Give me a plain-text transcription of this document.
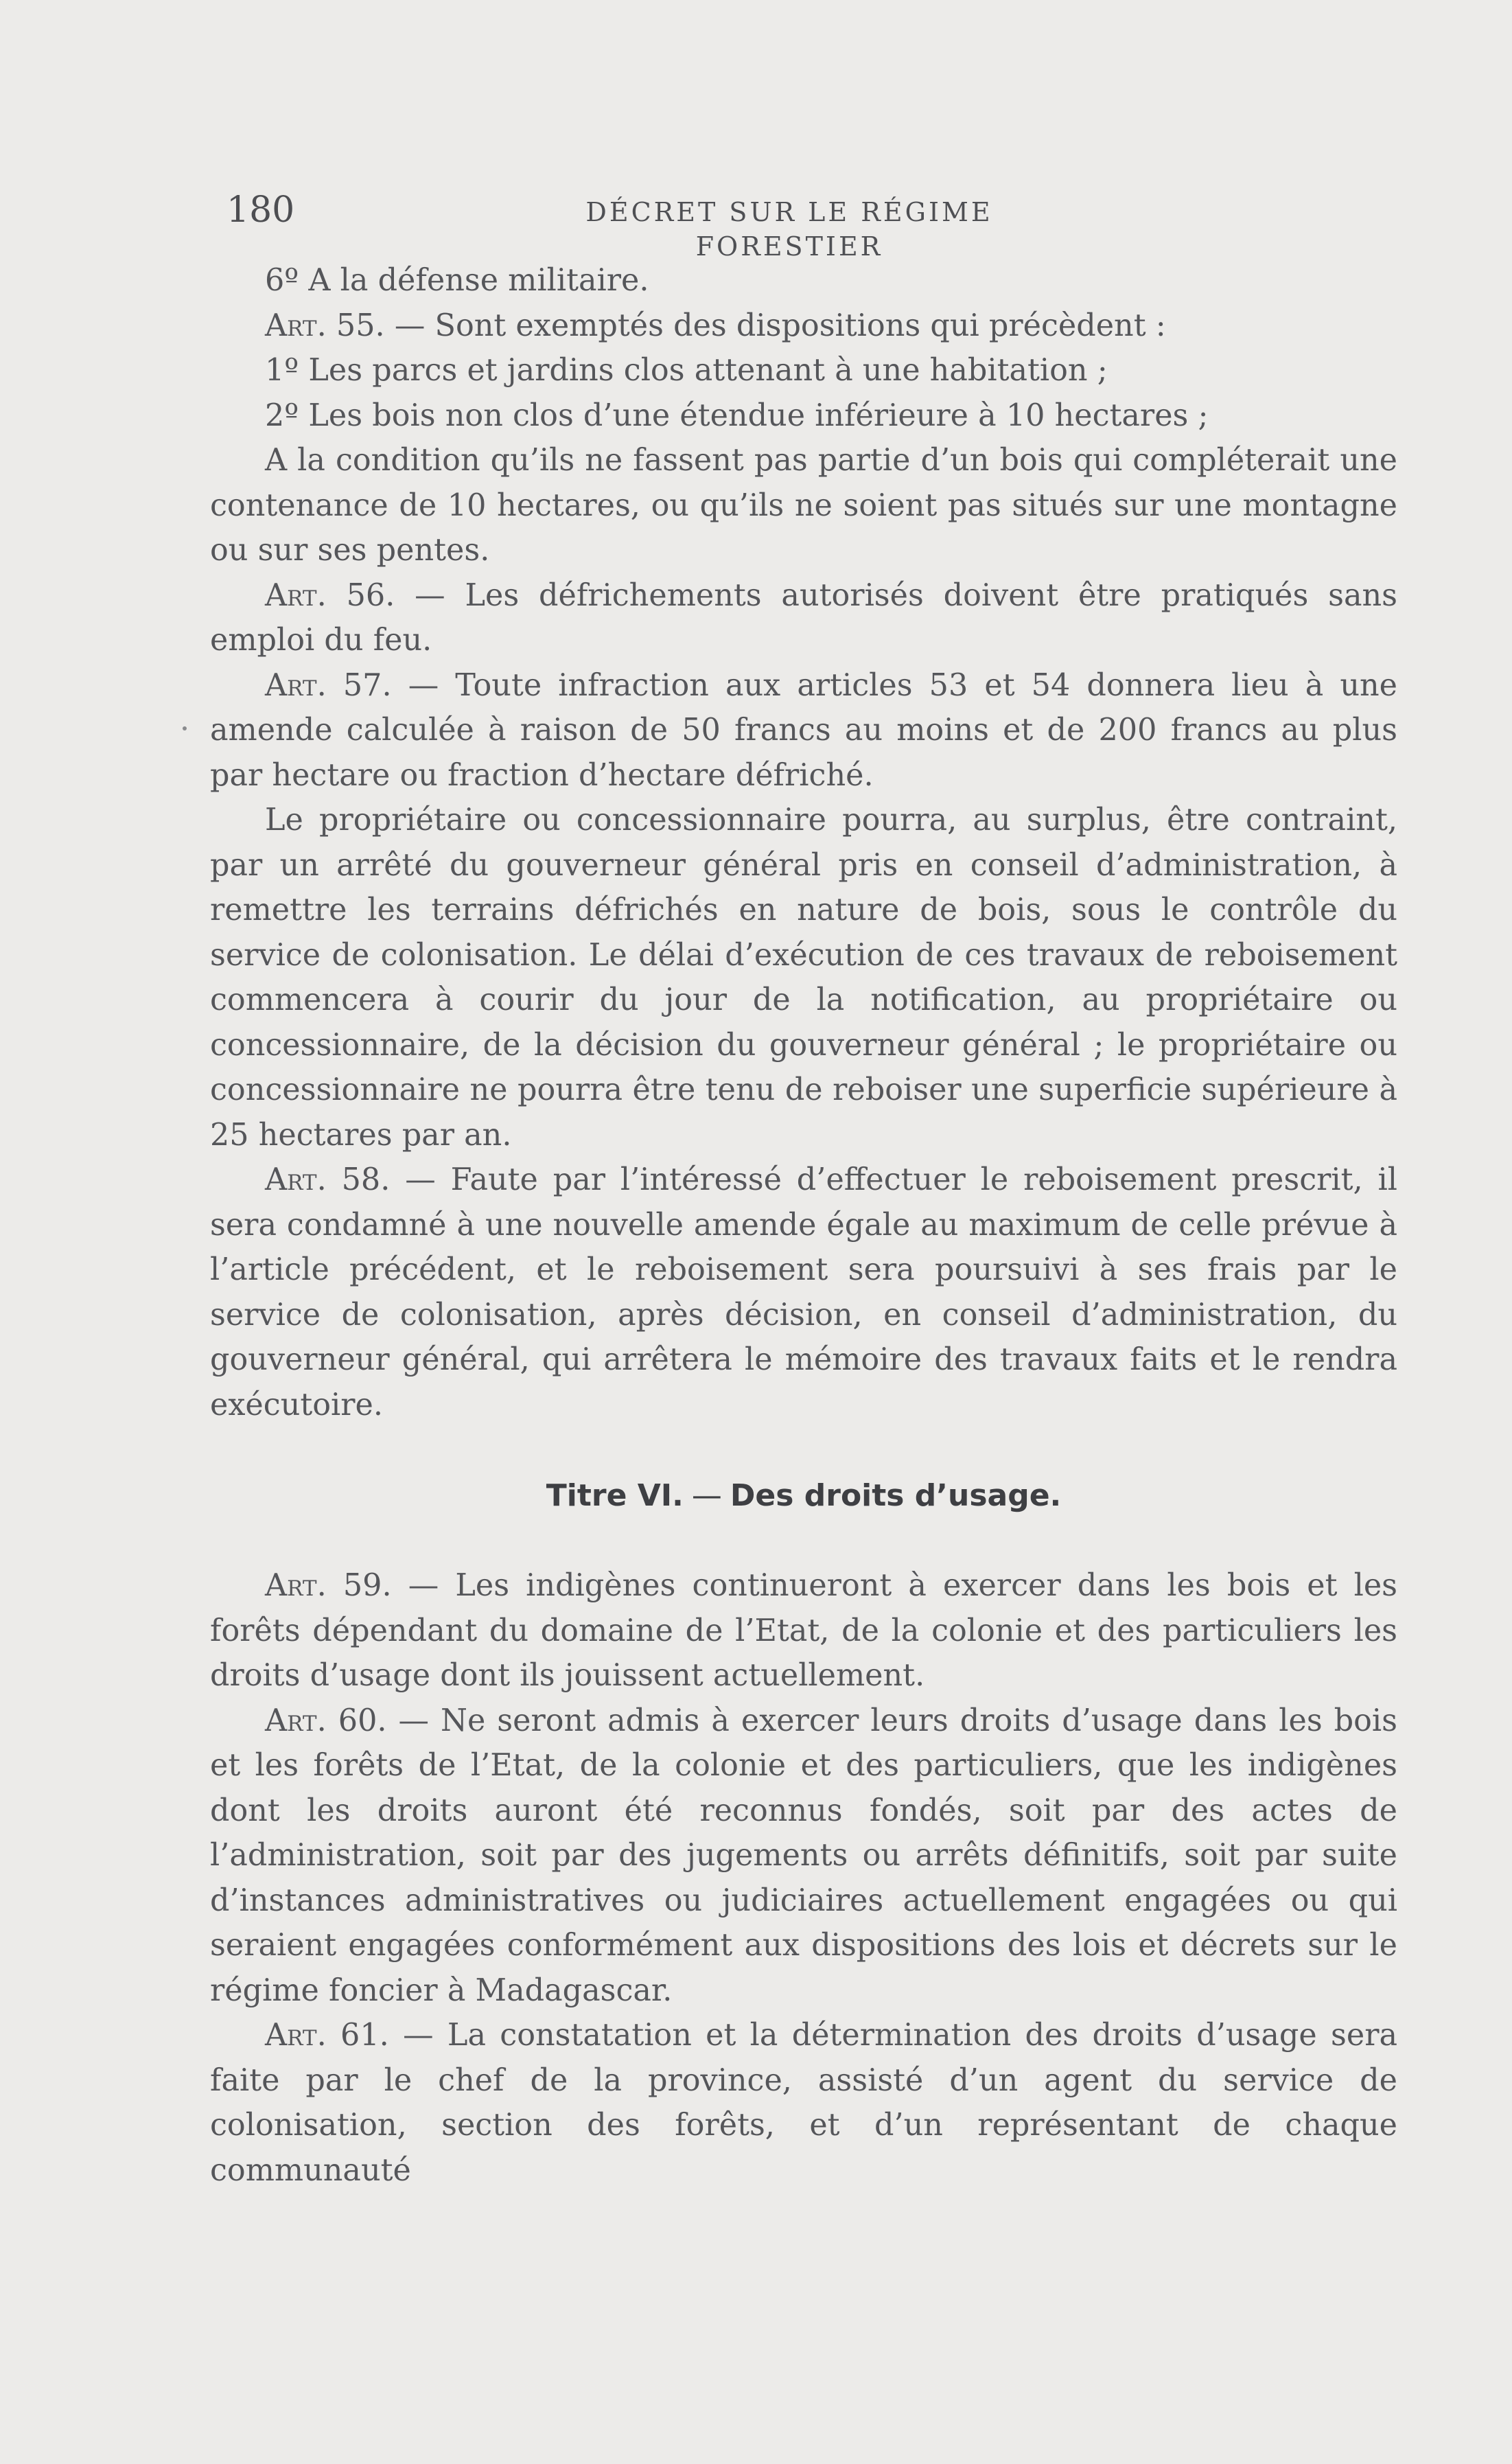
180	DÉCRET SUR LE RÉGIME FORESTIER

6º A la défense militaire.

Art. 55. — Sont exemptés des dispositions qui précèdent :

1º Les parcs et jardins clos attenant à une habitation ;

2º Les bois non clos d’une étendue inférieure à 10 hectares ;

A la condition qu’ils ne fassent pas partie d’un bois qui compléterait une contenance de 10 hectares, ou qu’ils ne soient pas situés sur une montagne ou sur ses pentes.

Art. 56. — Les défrichements autorisés doivent être pratiqués sans emploi du feu.

Art. 57. — Toute infraction aux articles 53 et 54 donnera lieu à une amende calculée à raison de 50 francs au moins et de 200 francs au plus par hectare ou fraction d’hectare défriché.

Le propriétaire ou concessionnaire pourra, au surplus, être contraint, par un arrêté du gouverneur général pris en conseil d’administration, à remettre les terrains défrichés en nature de bois, sous le contrôle du service de colonisation. Le délai d’exécution de ces travaux de reboisement commencera à courir du jour de la notification, au propriétaire ou concessionnaire, de la décision du gouverneur général ; le propriétaire ou concessionnaire ne pourra être tenu de reboiser une superficie supérieure à 25 hectares par an.

Art. 58. — Faute par l’intéressé d’effectuer le reboisement prescrit, il sera condamné à une nouvelle amende égale au maximum de celle prévue à l’article précédent, et le reboisement sera poursuivi à ses frais par le service de colonisation, après décision, en conseil d’administration, du gouverneur général, qui arrêtera le mémoire des travaux faits et le rendra exécutoire.

Titre VI. — Des droits d’usage.

Art. 59. — Les indigènes continueront à exercer dans les bois et les forêts dépendant du domaine de l’Etat, de la colonie et des particuliers les droits d’usage dont ils jouissent actuellement.

Art. 60. — Ne seront admis à exercer leurs droits d’usage dans les bois et les forêts de l’Etat, de la colonie et des particuliers, que les indigènes dont les droits auront été reconnus fondés, soit par des actes de l’administration, soit par des jugements ou arrêts définitifs, soit par suite d’instances administratives ou judiciaires actuellement engagées ou qui seraient engagées conformément aux dispositions des lois et décrets sur le régime foncier à Madagascar.

Art. 61. — La constatation et la détermination des droits d’usage sera faite par le chef de la province, assisté d’un agent du service de colonisation, section des forêts, et d’un représentant de chaque communauté
